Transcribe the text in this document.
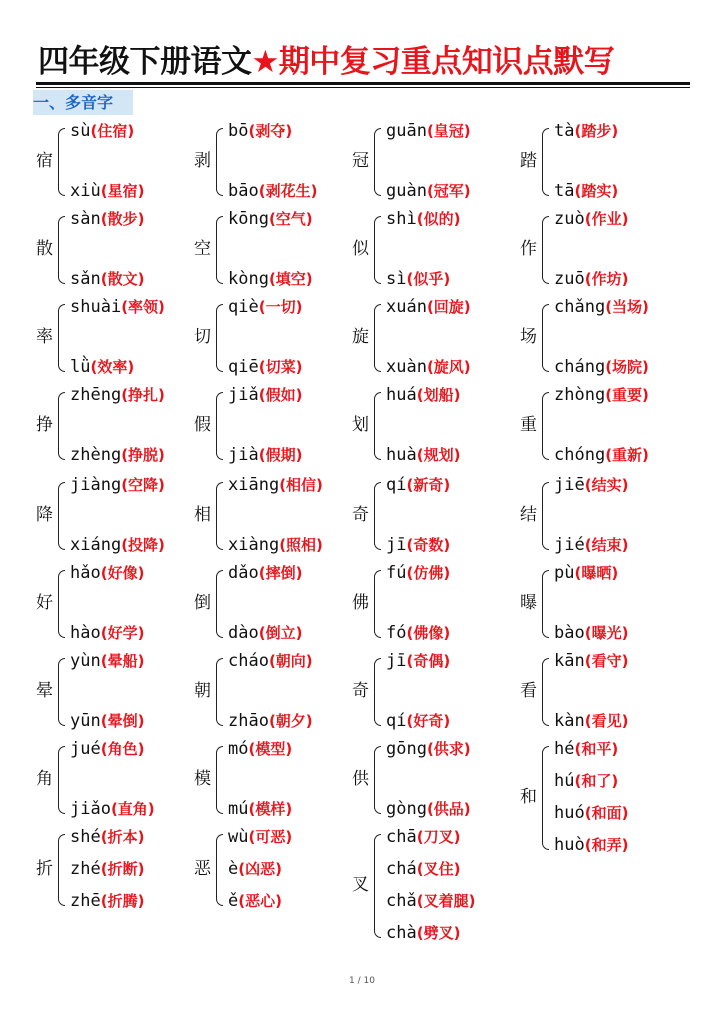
四年级下册语文★期中复习重点知识点默写
一、多音字
宿
sù(住宿)
xiù(星宿)
剥
bō(剥夺)
bāo(剥花生)
冠
guān(皇冠)
guàn(冠军)
踏
tà(踏步)
tā(踏实)
散
sàn(散步)
sǎn(散文)
空
kōng(空气)
kòng(填空)
似
shì(似的)
sì(似乎)
作
zuò(作业)
zuō(作坊)
率
shuài(率领)
lǜ(效率)
切
qiè(一切)
qiē(切菜)
旋
xuán(回旋)
xuàn(旋风)
场
chǎng(当场)
cháng(场院)
挣
zhēng(挣扎)
zhèng(挣脱)
假
jiǎ(假如)
jià(假期)
划
huá(划船)
huà(规划)
重
zhòng(重要)
chóng(重新)
降
jiàng(空降)
xiáng(投降)
相
xiāng(相信)
xiàng(照相)
奇
qí(新奇)
jī(奇数)
结
jiē(结实)
jié(结束)
好
hǎo(好像)
hào(好学)
倒
dǎo(摔倒)
dào(倒立)
佛
fú(仿佛)
fó(佛像)
曝
pù(曝晒)
bào(曝光)
晕
yùn(晕船)
yūn(晕倒)
朝
cháo(朝向)
zhāo(朝夕)
奇
jī(奇偶)
qí(好奇)
看
kān(看守)
kàn(看见)
角
jué(角色)
jiǎo(直角)
模
mó(模型)
mú(模样)
供
gōng(供求)
gòng(供品)
和
hé(和平)
hú(和了)
huó(和面)
huò(和弄)
折
shé(折本)
zhé(折断)
zhē(折腾)
恶
wù(可恶)
è(凶恶)
ě(恶心)
叉
chā(刀叉)
chá(叉住)
chǎ(叉着腿)
chà(劈叉)
1 / 10
